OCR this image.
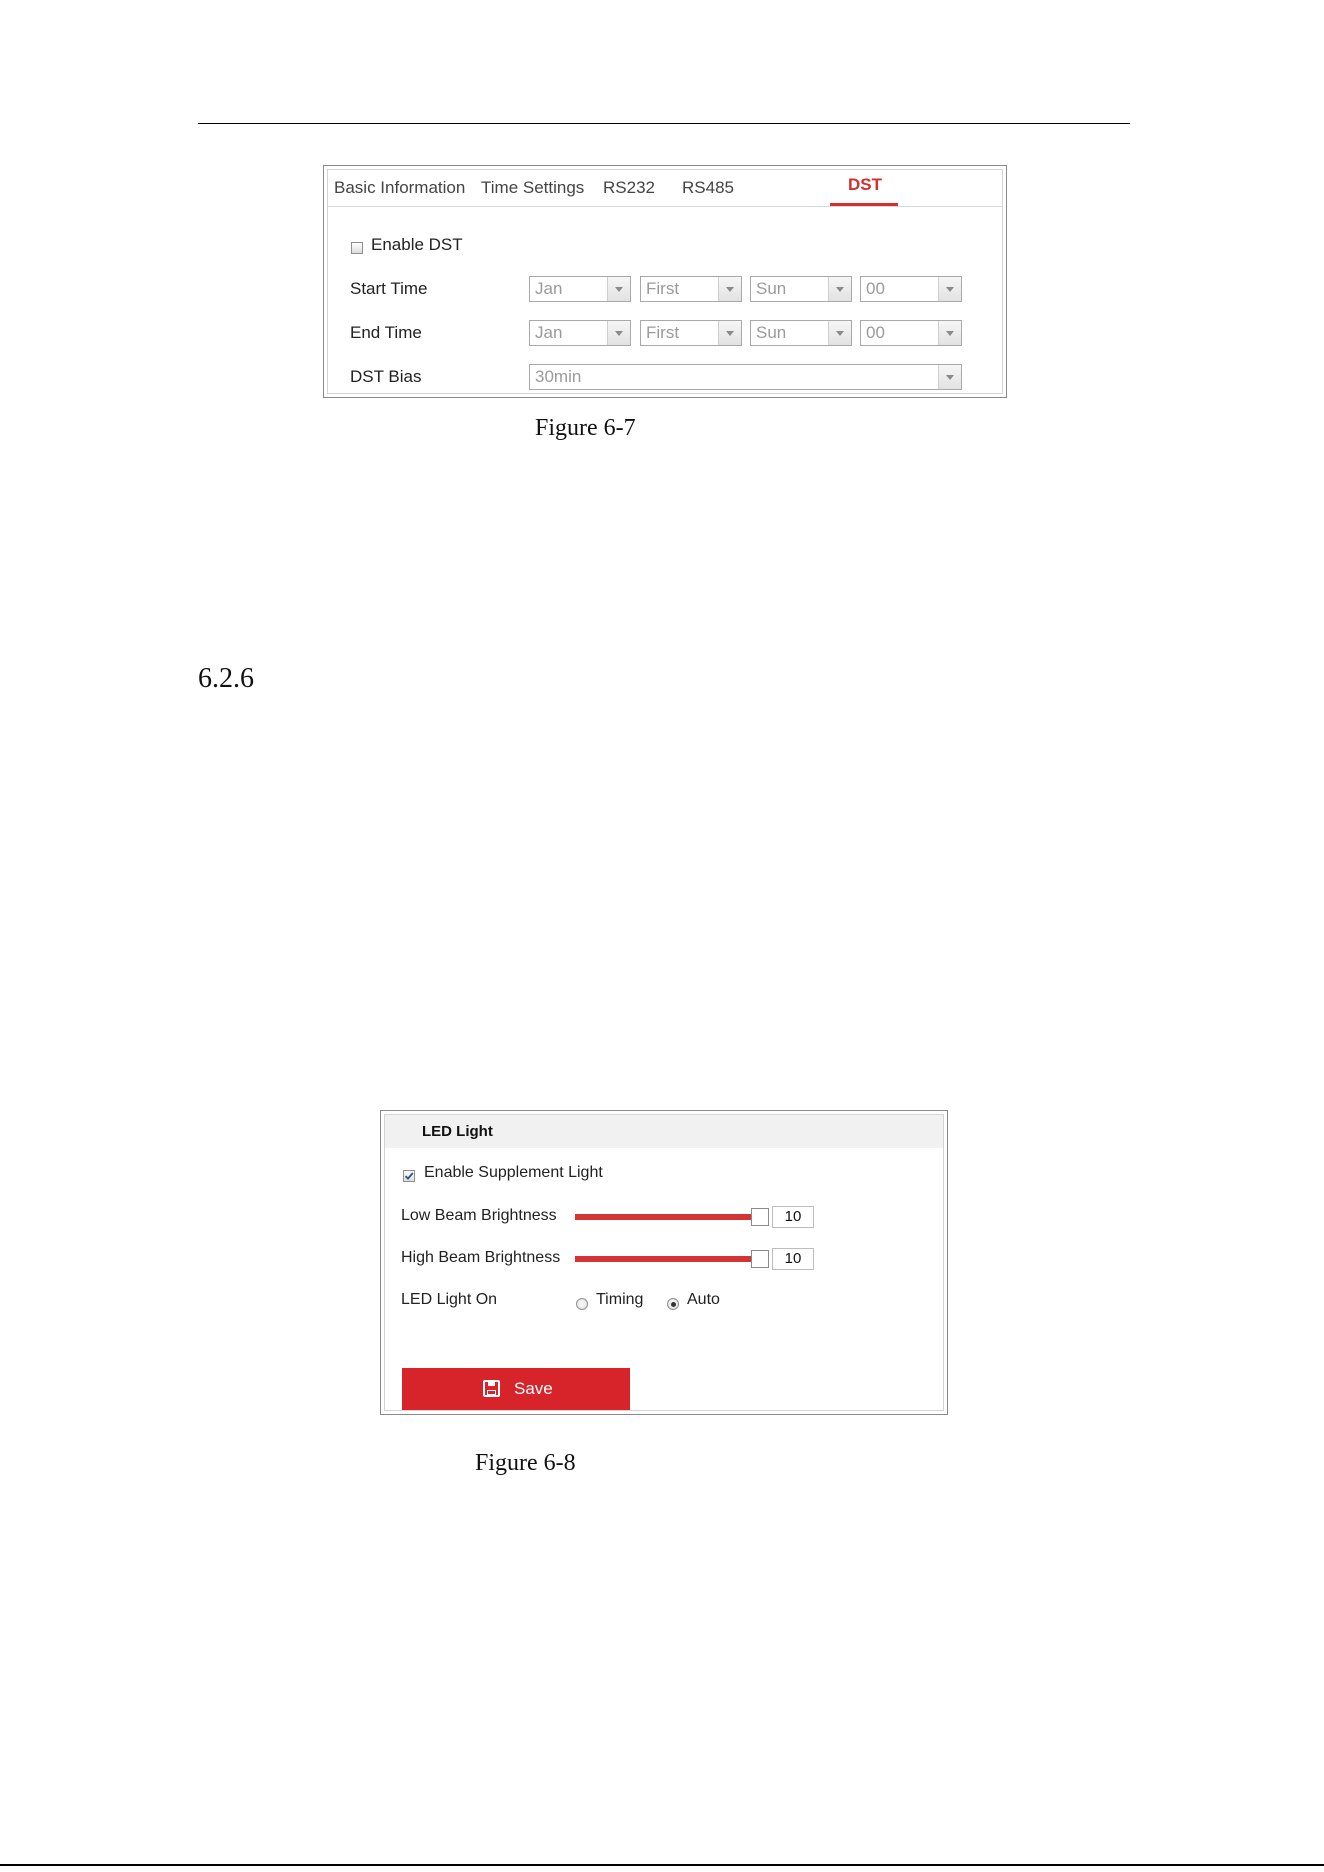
Basic Information Time Settings RS232 RS485	DST
Enable DST
Start Time	Jan	First	Sun	00
End Time	Jan	First	Sun	00
DST Bias	30min
Figure 6-7
6.2.6
LED Light
Enable Supplement Light
Low Beam Brightness	10
High Beam Brightness	10
LED Light On	Timing	Auto
Save
Figure 6-8
